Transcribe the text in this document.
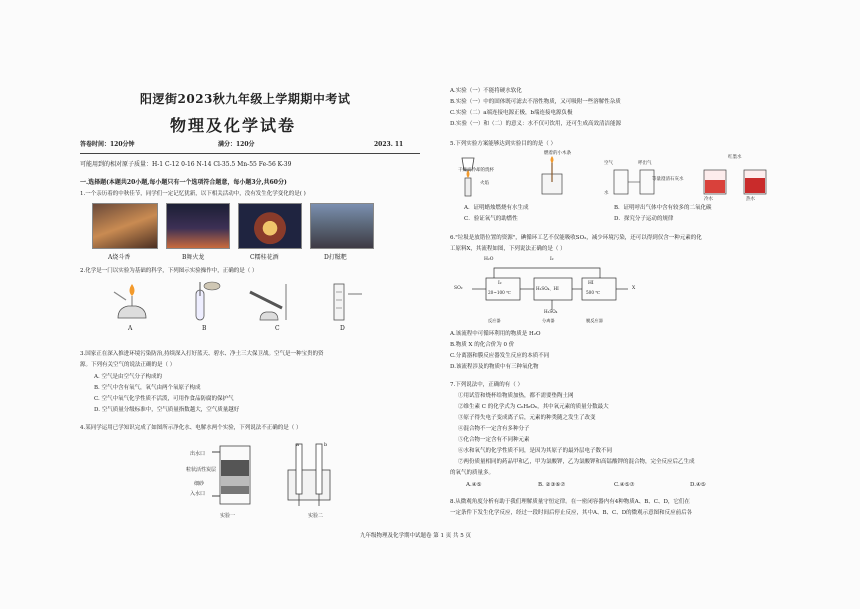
阳逻街2023秋九年级上学期期中考试
物理及化学试卷
答卷时间：120分钟	满分：120分	2023. 11
可能用到的相对原子质量：H-1 C-12 0-16 N-14 Cl-35.5 Mn-55 Fe-56 K-39
一.选择题(本题共20小题,每小题只有一个选项符合题意，每小题3分,共60分)
1.一个亲历着的中秋佳节，同学们一定记忆犹新，以下相关活动中，没有发生化学变化的是( )
A烧斗香	B舞火龙	C糯桂花酒	D打糍粑
2.化学是一门以实验为基础的科学，下列图示实验操作中，正确的是（ ）
A	B	C	D
3.国家正在深入推进环境污染防治,持续深入打好蓝天、碧水、净土三大保卫战。空气是一种宝贵的资
源。下列有关空气的说法正确的是（ ）
A. 空气是由空气分子构成的
B. 空气中含有氧气，氧气由两个氧原子构成
C. 空气中氧气化学性质不活泼，可用作食品防腐的保护气
D. 空气质量分级标准中，空气质量指数越大，空气质量越好
4.某同学运用已学知识完成了如图所示净化水、电解水两个实验，下列说法不正确的是（ ）
出水口
粒状活性炭层
细砂
入水口
a	b
实验一	实验二
A.实验（一）不能将硬水软化
B.实验（一）中的固体既可滤去不溶性物质，又可吸附一些溶解性杂质
C.实验（二）a端连接电源正极，b端连接电源负极
D.实验（一）和（二）的意义：水不仅可饮用，还可生成高效清洁能源
5.下列实验方案能够达到实验目的的是（ ）
干燥而冷却的烧杯
燃着的小木条
火焰
空气	呼出气
等量澄清石灰水
水
红墨水
冷水	热水
A．证明蜡烛燃烧有水生成	B．证明呼出气体中含有较多的二氧化碳
C．验证氧气的助燃性	D．探究分子运动的规律
6."垃圾是放错位置的资源"，碘循环工艺不仅能吸收SO₂，减少环境污染，还可以得到仅含一种元素的化
工原料X，其流程如图，下列说法正确的是（ ）
H₂O	I₂
SO₂
I₂
20~100 ℃
H₂SO₄、HI
HI
500 ℃
X
H₂SO₄
反应器	分离器	膜反应器
A.该流程中可循环利用的物质是 H₂O
B.物质 X 的化合价为 0 价
C.分离器和膜反应器发生反应的本质不同
D.该流程涉及的物质中有三种氧化物
7.下列说法中，正确的有（ ）
①用试管和烧杯给物质加热，都不需要垫陶土网
②维生素 C 的化学式为 C₆H₈O₆，其中氧元素的质量分数最大
③原子得失电子变成离子后，元素的种类随之发生了改变
④混合物不一定含有多种分子
⑤化合物一定含有不同种元素
⑥水和氧气的化学性质不同，是因为其原子的最外层电子数不同
⑦两份质量相同的药品甲和乙，甲为氯酸钾，乙为氯酸钾和高锰酸钾的混合物，完全反应后乙生成
的氧气的质量多。
A.④⑤	B. ②③⑥⑦	C.④⑤⑦	D.④⑤
8.从微观角度分析有助于我们理解质量守恒定律。在一密闭容器内有4种物质A、B、C、D，它们在
一定条件下发生化学反应，经过一段时间后停止反应，其中A、B、C、D的微观示意图和反应前后各
九年级物理及化学期中试题卷 第 1 页 共 5 页
